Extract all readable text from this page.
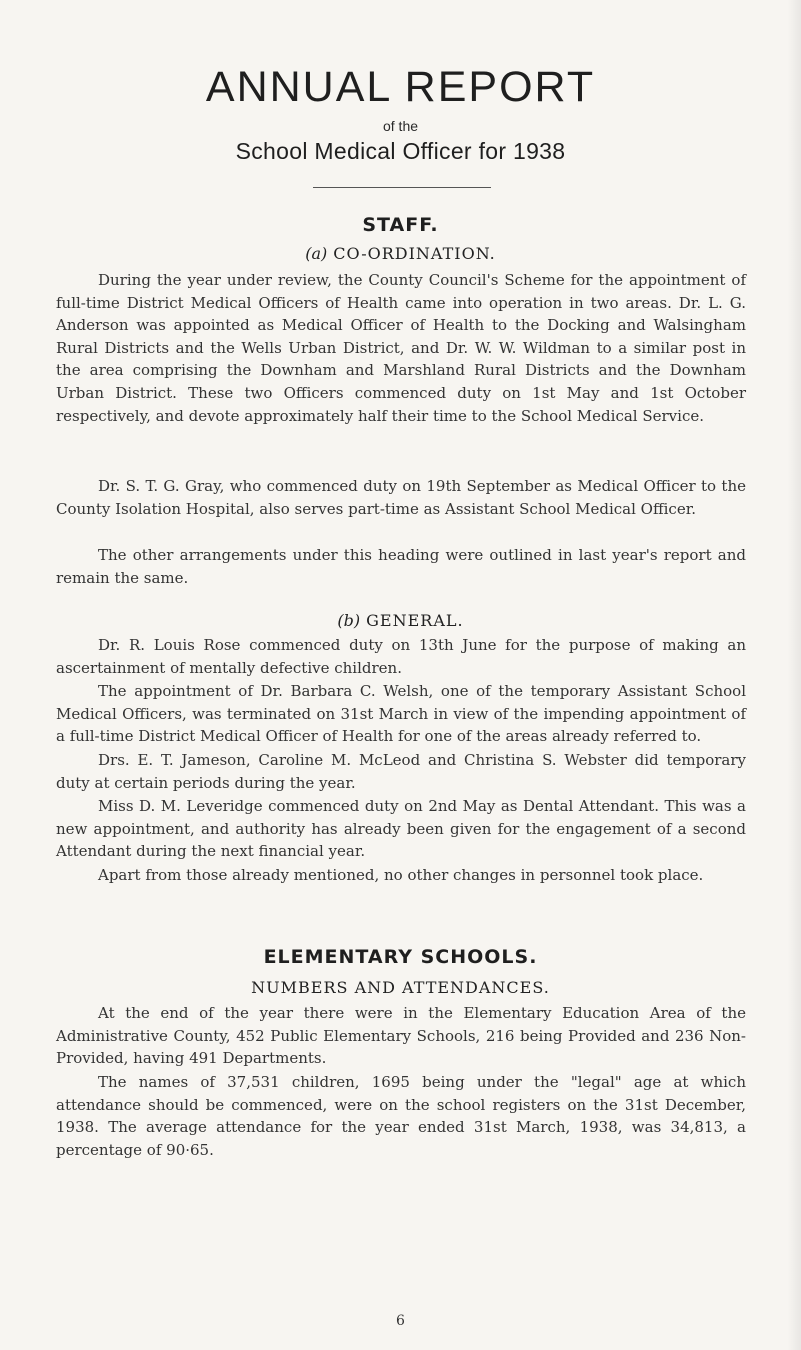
ANNUAL REPORT
of the
School Medical Officer for 1938
STAFF.
(a) CO-ORDINATION.

During the year under review, the County Council's Scheme for the appointment of full-time District Medical Officers of Health came into operation in two areas. Dr. L. G. Anderson was appointed as Medical Officer of Health to the Docking and Walsingham Rural Districts and the Wells Urban District, and Dr. W. W. Wildman to a similar post in the area comprising the Downham and Marshland Rural Districts and the Downham Urban District. These two Officers commenced duty on 1st May and 1st October respectively, and devote approximately half their time to the School Medical Service.

Dr. S. T. G. Gray, who commenced duty on 19th September as Medical Officer to the County Isolation Hospital, also serves part-time as Assistant School Medical Officer.

The other arrangements under this heading were outlined in last year's report and remain the same.

(b) GENERAL.

Dr. R. Louis Rose commenced duty on 13th June for the purpose of making an ascertainment of mentally defective children.

The appointment of Dr. Barbara C. Welsh, one of the temporary Assistant School Medical Officers, was terminated on 31st March in view of the impending appointment of a full-time District Medical Officer of Health for one of the areas already referred to.

Drs. E. T. Jameson, Caroline M. McLeod and Christina S. Webster did temporary duty at certain periods during the year.

Miss D. M. Leveridge commenced duty on 2nd May as Dental Attendant. This was a new appointment, and authority has already been given for the engagement of a second Attendant during the next financial year.

Apart from those already mentioned, no other changes in personnel took place.

ELEMENTARY SCHOOLS.
NUMBERS AND ATTENDANCES.

At the end of the year there were in the Elementary Education Area of the Administrative County, 452 Public Elementary Schools, 216 being Provided and 236 Non-Provided, having 491 Departments.

The names of 37,531 children, 1695 being under the "legal" age at which attendance should be commenced, were on the school registers on the 31st December, 1938. The average attendance for the year ended 31st March, 1938, was 34,813, a percentage of 90·65.

6
